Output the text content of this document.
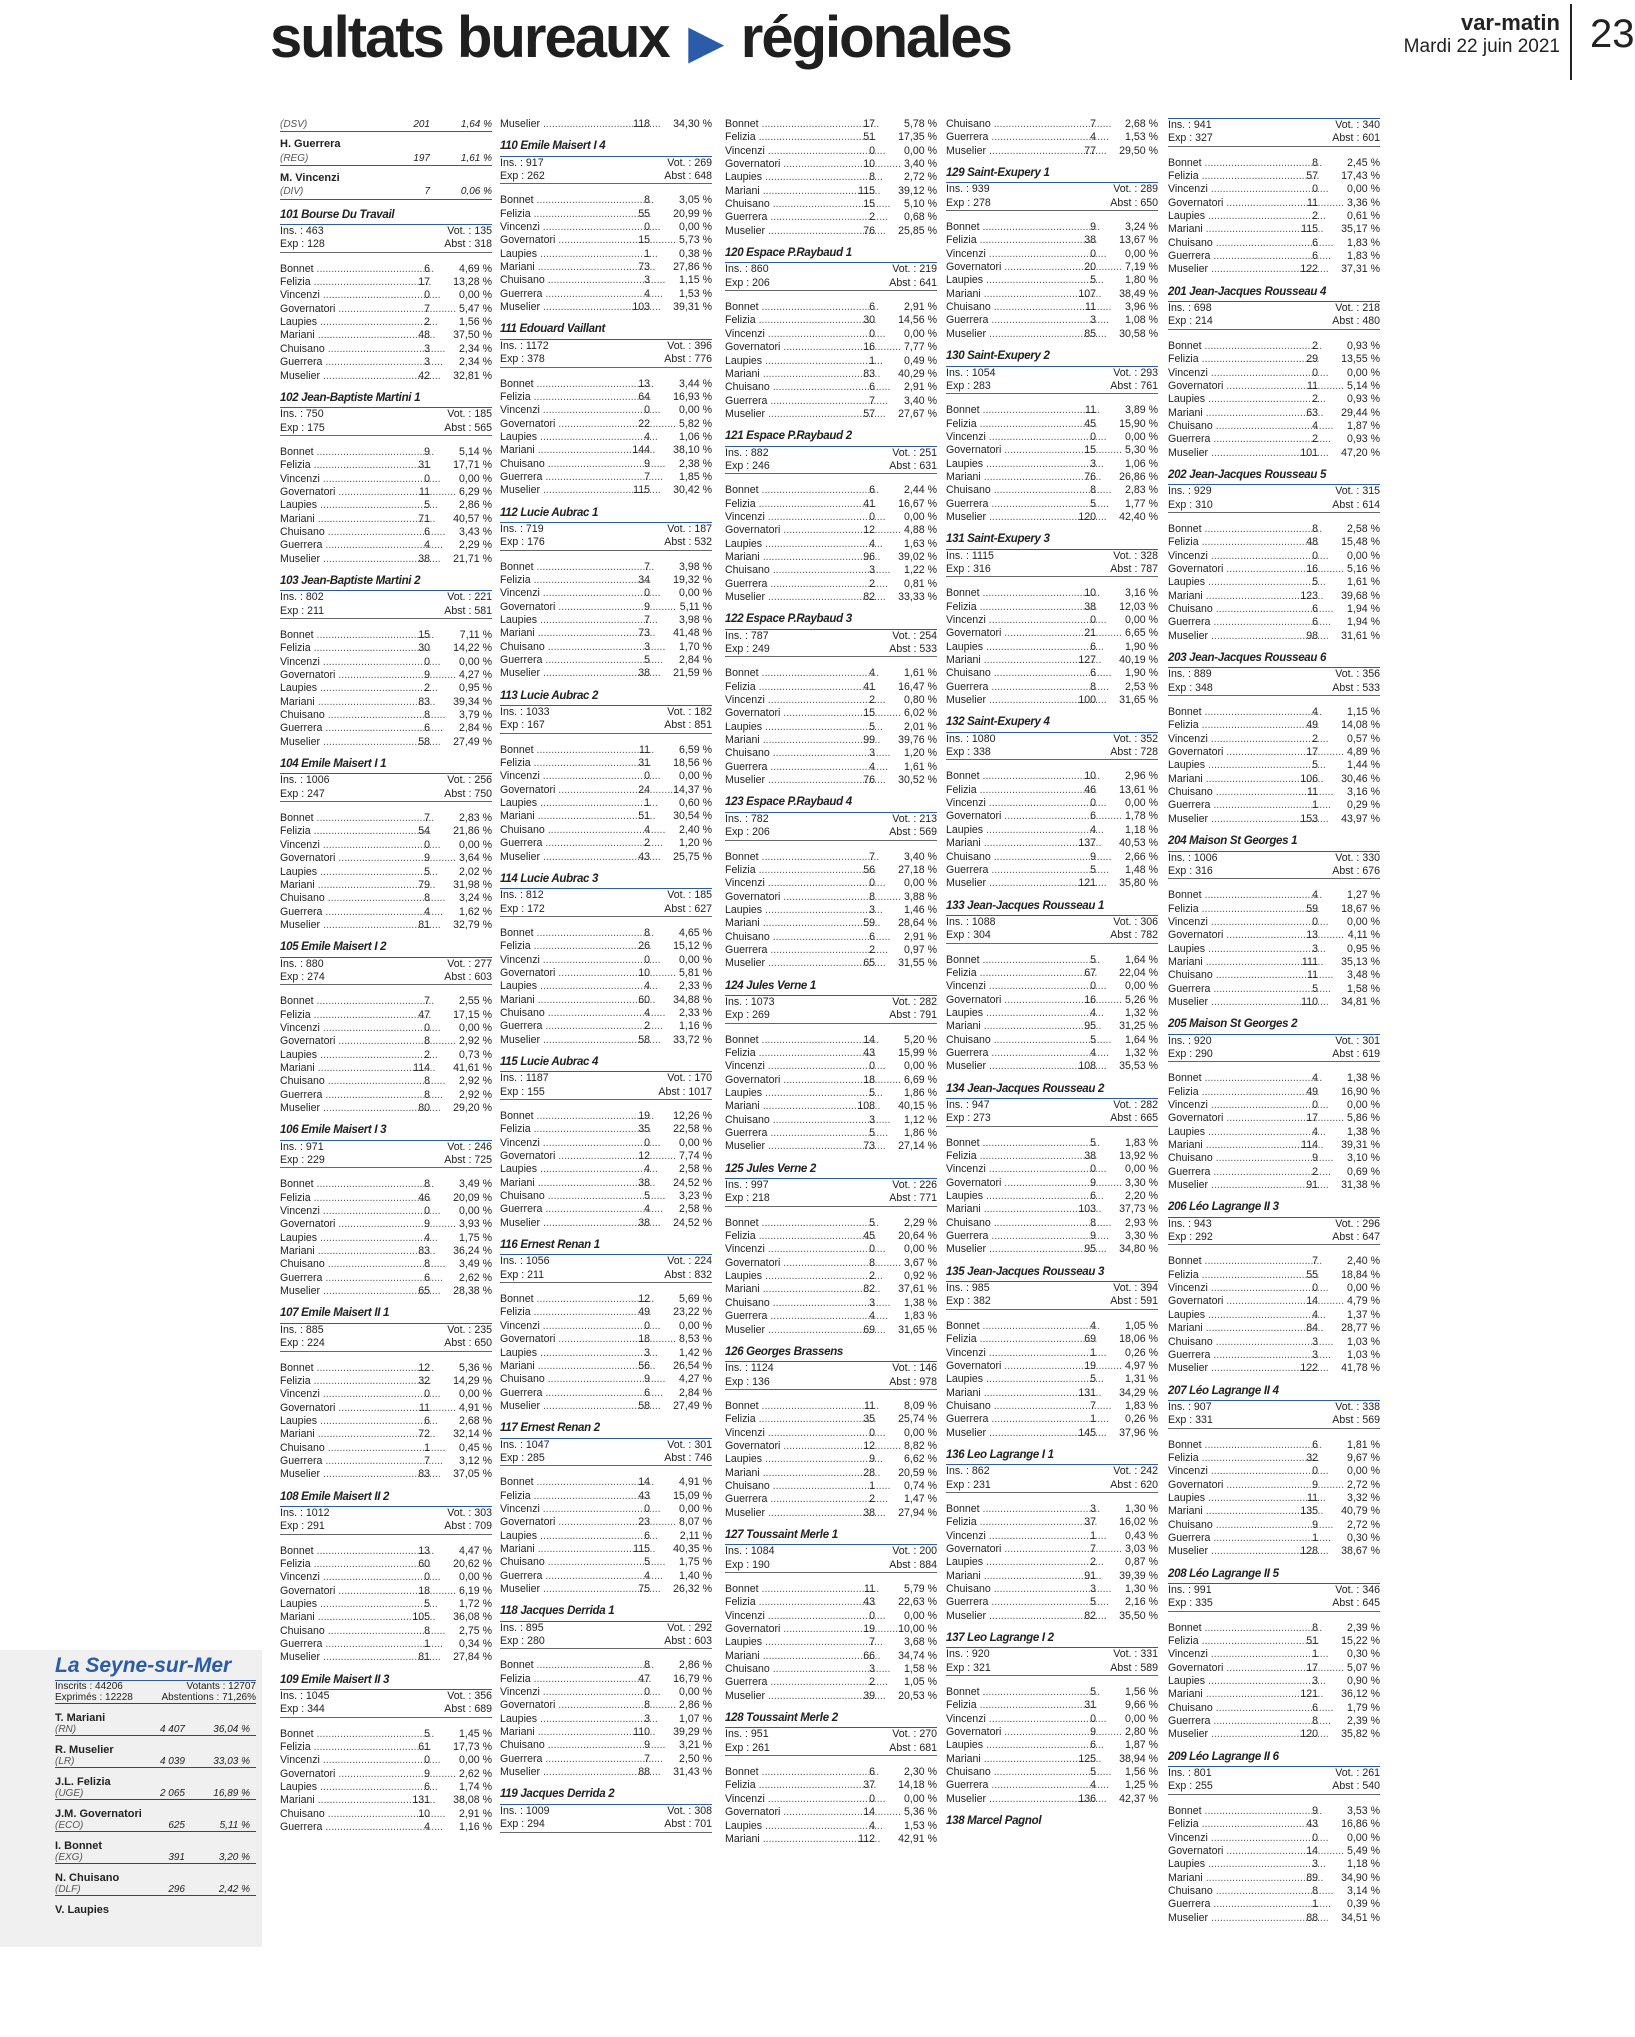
sultats bureaux ▶ régionales	var-matin
Mardi 22 juin 2021 23
(DSV)	201	1,64 %
H. Guerrera
(REG)	197	1,61 %
M. Vincenzi
(DIV)	7	0,06 %
101 Bourse Du Travail
Ins. : 463	Vot. : 135
Exp : 128	Abst : 318
Bonnet .....	6	4,69 %
Felizia .....	17	13,28 %
Vincenzi .....	0	0,00 %
Governatori .....	7	5,47 %
Laupies .....	2	1,56 %
Mariani .....	48	37,50 %
Chuisano .....	3	2,34 %
Guerrera .....	3	2,34 %
Muselier .....	42	32,81 %
102 Jean-Baptiste Martini 1
Ins. : 750	Vot. : 185
Exp : 175	Abst : 565
Bonnet .....	9	5,14 %
Felizia .....	31	17,71 %
Vincenzi .....	0	0,00 %
Governatori .....	11	6,29 %
Laupies .....	5	2,86 %
Mariani .....	71	40,57 %
Chuisano .....	6	3,43 %
Guerrera .....	4	2,29 %
Muselier .....	38	21,71 %
103 Jean-Baptiste Martini 2
Ins. : 802	Vot. : 221
Exp : 211	Abst : 581
Bonnet .....	15	7,11 %
Felizia .....	30	14,22 %
Vincenzi .....	0	0,00 %
Governatori .....	9	4,27 %
Laupies .....	2	0,95 %
Mariani .....	83	39,34 %
Chuisano .....	8	3,79 %
Guerrera .....	6	2,84 %
Muselier .....	58	27,49 %
104 Emile Maisert I 1
Ins. : 1006	Vot. : 256
Exp : 247	Abst : 750
Bonnet .....	7	2,83 %
Felizia .....	54	21,86 %
Vincenzi .....	0	0,00 %
Governatori .....	9	3,64 %
Laupies .....	5	2,02 %
Mariani .....	79	31,98 %
Chuisano .....	8	3,24 %
Guerrera .....	4	1,62 %
Muselier .....	81	32,79 %
105 Emile Maisert I 2
Ins. : 880	Vot. : 277
Exp : 274	Abst : 603
Bonnet .....	7	2,55 %
Felizia .....	47	17,15 %
Vincenzi .....	0	0,00 %
Governatori .....	8	2,92 %
Laupies .....	2	0,73 %
Mariani .....	114	41,61 %
Chuisano .....	8	2,92 %
Guerrera .....	8	2,92 %
Muselier .....	80	29,20 %
106 Emile Maisert I 3
Ins. : 971	Vot. : 246
Exp : 229	Abst : 725
Bonnet .....	8	3,49 %
Felizia .....	46	20,09 %
Vincenzi .....	0	0,00 %
Governatori .....	9	3,93 %
Laupies .....	4	1,75 %
Mariani .....	83	36,24 %
Chuisano .....	8	3,49 %
Guerrera .....	6	2,62 %
Muselier .....	65	28,38 %
107 Emile Maisert II 1
Ins. : 885	Vot. : 235
Exp : 224	Abst : 650
Bonnet .....	12	5,36 %
Felizia .....	32	14,29 %
Vincenzi .....	0	0,00 %
Governatori .....	11	4,91 %
Laupies .....	6	2,68 %
Mariani .....	72	32,14 %
Chuisano .....	1	0,45 %
Guerrera .....	7	3,12 %
Muselier .....	83	37,05 %
108 Emile Maisert II 2
Ins. : 1012	Vot. : 303
Exp : 291	Abst : 709
Bonnet .....	13	4,47 %
Felizia .....	60	20,62 %
Vincenzi .....	0	0,00 %
Governatori .....	18	6,19 %
Laupies .....	5	1,72 %
Mariani .....	105	36,08 %
Chuisano .....	8	2,75 %
Guerrera .....	1	0,34 %
Muselier .....	81	27,84 %
109 Emile Maisert II 3
Ins. : 1045	Vot. : 356
Exp : 344	Abst : 689
Bonnet .....	5	1,45 %
Felizia .....	61	17,73 %
Vincenzi .....	0	0,00 %
Governatori .....	9	2,62 %
Laupies .....	6	1,74 %
Mariani .....	131	38,08 %
Chuisano .....	10	2,91 %
Guerrera .....	4	1,16 %
Muselier .....	118	34,30 %
110 Emile Maisert I 4
Ins. : 917	Vot. : 269
Exp : 262	Abst : 648
Bonnet .....	8	3,05 %
Felizia .....	55	20,99 %
Vincenzi .....	0	0,00 %
Governatori .....	15	5,73 %
Laupies .....	1	0,38 %
Mariani .....	73	27,86 %
Chuisano .....	3	1,15 %
Guerrera .....	4	1,53 %
Muselier .....	103	39,31 %
111 Edouard Vaillant
Ins. : 1172	Vot. : 396
Exp : 378	Abst : 776
Bonnet .....	13	3,44 %
Felizia .....	64	16,93 %
Vincenzi .....	0	0,00 %
Governatori .....	22	5,82 %
Laupies .....	4	1,06 %
Mariani .....	144	38,10 %
Chuisano .....	9	2,38 %
Guerrera .....	7	1,85 %
Muselier .....	115	30,42 %
112 Lucie Aubrac 1
Ins. : 719	Vot. : 187
Exp : 176	Abst : 532
Bonnet .....	7	3,98 %
Felizia .....	34	19,32 %
Vincenzi .....	0	0,00 %
Governatori .....	9	5,11 %
Laupies .....	7	3,98 %
Mariani .....	73	41,48 %
Chuisano .....	3	1,70 %
Guerrera .....	5	2,84 %
Muselier .....	38	21,59 %
113 Lucie Aubrac 2
Ins. : 1033	Vot. : 182
Exp : 167	Abst : 851
Bonnet .....	11	6,59 %
Felizia .....	31	18,56 %
Vincenzi .....	0	0,00 %
Governatori .....	24	14,37 %
Laupies .....	1	0,60 %
Mariani .....	51	30,54 %
Chuisano .....	4	2,40 %
Guerrera .....	2	1,20 %
Muselier .....	43	25,75 %
114 Lucie Aubrac 3
Ins. : 812	Vot. : 185
Exp : 172	Abst : 627
Bonnet .....	8	4,65 %
Felizia .....	26	15,12 %
Vincenzi .....	0	0,00 %
Governatori .....	10	5,81 %
Laupies .....	4	2,33 %
Mariani .....	60	34,88 %
Chuisano .....	4	2,33 %
Guerrera .....	2	1,16 %
Muselier .....	58	33,72 %
115 Lucie Aubrac 4
Ins. : 1187	Vot. : 170
Exp : 155	Abst : 1017
Bonnet .....	19	12,26 %
Felizia .....	35	22,58 %
Vincenzi .....	0	0,00 %
Governatori .....	12	7,74 %
Laupies .....	4	2,58 %
Mariani .....	38	24,52 %
Chuisano .....	5	3,23 %
Guerrera .....	4	2,58 %
Muselier .....	38	24,52 %
116 Ernest Renan 1
Ins. : 1056	Vot. : 224
Exp : 211	Abst : 832
Bonnet .....	12	5,69 %
Felizia .....	49	23,22 %
Vincenzi .....	0	0,00 %
Governatori .....	18	8,53 %
Laupies .....	3	1,42 %
Mariani .....	56	26,54 %
Chuisano .....	9	4,27 %
Guerrera .....	6	2,84 %
Muselier .....	58	27,49 %
117 Ernest Renan 2
Ins. : 1047	Vot. : 301
Exp : 285	Abst : 746
Bonnet .....	14	4,91 %
Felizia .....	43	15,09 %
Vincenzi .....	0	0,00 %
Governatori .....	23	8,07 %
Laupies .....	6	2,11 %
Mariani .....	115	40,35 %
Chuisano .....	5	1,75 %
Guerrera .....	4	1,40 %
Muselier .....	75	26,32 %
118 Jacques Derrida 1
Ins. : 895	Vot. : 292
Exp : 280	Abst : 603
Bonnet .....	8	2,86 %
Felizia .....	47	16,79 %
Vincenzi .....	0	0,00 %
Governatori .....	8	2,86 %
Laupies .....	3	1,07 %
Mariani .....	110	39,29 %
Chuisano .....	9	3,21 %
Guerrera .....	7	2,50 %
Muselier .....	88	31,43 %
119 Jacques Derrida 2
Ins. : 1009	Vot. : 308
Exp : 294	Abst : 701
Bonnet .....	17	5,78 %
Felizia .....	51	17,35 %
Vincenzi .....	0	0,00 %
Governatori .....	10	3,40 %
Laupies .....	8	2,72 %
Mariani .....	115	39,12 %
Chuisano .....	15	5,10 %
Guerrera .....	2	0,68 %
Muselier .....	76	25,85 %
120 Espace P.Raybaud 1
Ins. : 860	Vot. : 219
Exp : 206	Abst : 641
Bonnet .....	6	2,91 %
Felizia .....	30	14,56 %
Vincenzi .....	0	0,00 %
Governatori .....	16	7,77 %
Laupies .....	1	0,49 %
Mariani .....	83	40,29 %
Chuisano .....	6	2,91 %
Guerrera .....	7	3,40 %
Muselier .....	57	27,67 %
121 Espace P.Raybaud 2
Ins. : 882	Vot. : 251
Exp : 246	Abst : 631
Bonnet .....	6	2,44 %
Felizia .....	41	16,67 %
Vincenzi .....	0	0,00 %
Governatori .....	12	4,88 %
Laupies .....	4	1,63 %
Mariani .....	96	39,02 %
Chuisano .....	3	1,22 %
Guerrera .....	2	0,81 %
Muselier .....	82	33,33 %
122 Espace P.Raybaud 3
Ins. : 787	Vot. : 254
Exp : 249	Abst : 533
Bonnet .....	4	1,61 %
Felizia .....	41	16,47 %
Vincenzi .....	2	0,80 %
Governatori .....	15	6,02 %
Laupies .....	5	2,01 %
Mariani .....	99	39,76 %
Chuisano .....	3	1,20 %
Guerrera .....	4	1,61 %
Muselier .....	76	30,52 %
123 Espace P.Raybaud 4
Ins. : 782	Vot. : 213
Exp : 206	Abst : 569
Bonnet .....	7	3,40 %
Felizia .....	56	27,18 %
Vincenzi .....	0	0,00 %
Governatori .....	8	3,88 %
Laupies .....	3	1,46 %
Mariani .....	59	28,64 %
Chuisano .....	6	2,91 %
Guerrera .....	2	0,97 %
Muselier .....	65	31,55 %
124 Jules Verne 1
Ins. : 1073	Vot. : 282
Exp : 269	Abst : 791
Bonnet .....	14	5,20 %
Felizia .....	43	15,99 %
Vincenzi .....	0	0,00 %
Governatori .....	18	6,69 %
Laupies .....	5	1,86 %
Mariani .....	108	40,15 %
Chuisano .....	3	1,12 %
Guerrera .....	5	1,86 %
Muselier .....	73	27,14 %
125 Jules Verne 2
Ins. : 997	Vot. : 226
Exp : 218	Abst : 771
Bonnet .....	5	2,29 %
Felizia .....	45	20,64 %
Vincenzi .....	0	0,00 %
Governatori .....	8	3,67 %
Laupies .....	2	0,92 %
Mariani .....	82	37,61 %
Chuisano .....	3	1,38 %
Guerrera .....	4	1,83 %
Muselier .....	69	31,65 %
126 Georges Brassens
Ins. : 1124	Vot. : 146
Exp : 136	Abst : 978
Bonnet .....	11	8,09 %
Felizia .....	35	25,74 %
Vincenzi .....	0	0,00 %
Governatori .....	12	8,82 %
Laupies .....	9	6,62 %
Mariani .....	28	20,59 %
Chuisano .....	1	0,74 %
Guerrera .....	2	1,47 %
Muselier .....	38	27,94 %
127 Toussaint Merle 1
Ins. : 1084	Vot. : 200
Exp : 190	Abst : 884
Bonnet .....	11	5,79 %
Felizia .....	43	22,63 %
Vincenzi .....	0	0,00 %
Governatori .....	19	10,00 %
Laupies .....	7	3,68 %
Mariani .....	66	34,74 %
Chuisano .....	3	1,58 %
Guerrera .....	2	1,05 %
Muselier .....	39	20,53 %
128 Toussaint Merle 2
Ins. : 951	Vot. : 270
Exp : 261	Abst : 681
Bonnet .....	6	2,30 %
Felizia .....	37	14,18 %
Vincenzi .....	0	0,00 %
Governatori .....	14	5,36 %
Laupies .....	4	1,53 %
Mariani .....	112	42,91 %
Chuisano .....	7	2,68 %
Guerrera .....	4	1,53 %
Muselier .....	77	29,50 %
129 Saint-Exupery 1
Ins. : 939	Vot. : 289
Exp : 278	Abst : 650
Bonnet .....	9	3,24 %
Felizia .....	38	13,67 %
Vincenzi .....	0	0,00 %
Governatori .....	20	7,19 %
Laupies .....	5	1,80 %
Mariani .....	107	38,49 %
Chuisano .....	11	3,96 %
Guerrera .....	3	1,08 %
Muselier .....	85	30,58 %
130 Saint-Exupery 2
Ins. : 1054	Vot. : 293
Exp : 283	Abst : 761
Bonnet .....	11	3,89 %
Felizia .....	45	15,90 %
Vincenzi .....	0	0,00 %
Governatori .....	15	5,30 %
Laupies .....	3	1,06 %
Mariani .....	76	26,86 %
Chuisano .....	8	2,83 %
Guerrera .....	5	1,77 %
Muselier .....	120	42,40 %
131 Saint-Exupery 3
Ins. : 1115	Vot. : 328
Exp : 316	Abst : 787
Bonnet .....	10	3,16 %
Felizia .....	38	12,03 %
Vincenzi .....	0	0,00 %
Governatori .....	21	6,65 %
Laupies .....	6	1,90 %
Mariani .....	127	40,19 %
Chuisano .....	6	1,90 %
Guerrera .....	8	2,53 %
Muselier .....	100	31,65 %
132 Saint-Exupery 4
Ins. : 1080	Vot. : 352
Exp : 338	Abst : 728
Bonnet .....	10	2,96 %
Felizia .....	46	13,61 %
Vincenzi .....	0	0,00 %
Governatori .....	6	1,78 %
Laupies .....	4	1,18 %
Mariani .....	137	40,53 %
Chuisano .....	9	2,66 %
Guerrera .....	5	1,48 %
Muselier .....	121	35,80 %
133 Jean-Jacques Rousseau 1
Ins. : 1088	Vot. : 306
Exp : 304	Abst : 782
Bonnet .....	5	1,64 %
Felizia .....	67	22,04 %
Vincenzi .....	0	0,00 %
Governatori .....	16	5,26 %
Laupies .....	4	1,32 %
Mariani .....	95	31,25 %
Chuisano .....	5	1,64 %
Guerrera .....	4	1,32 %
Muselier .....	108	35,53 %
134 Jean-Jacques Rousseau 2
Ins. : 947	Vot. : 282
Exp : 273	Abst : 665
Bonnet .....	5	1,83 %
Felizia .....	38	13,92 %
Vincenzi .....	0	0,00 %
Governatori .....	9	3,30 %
Laupies .....	6	2,20 %
Mariani .....	103	37,73 %
Chuisano .....	8	2,93 %
Guerrera .....	9	3,30 %
Muselier .....	95	34,80 %
135 Jean-Jacques Rousseau 3
Ins. : 985	Vot. : 394
Exp : 382	Abst : 591
Bonnet .....	4	1,05 %
Felizia .....	69	18,06 %
Vincenzi .....	1	0,26 %
Governatori .....	19	4,97 %
Laupies .....	5	1,31 %
Mariani .....	131	34,29 %
Chuisano .....	7	1,83 %
Guerrera .....	1	0,26 %
Muselier .....	145	37,96 %
136 Leo Lagrange I 1
Ins. : 862	Vot. : 242
Exp : 231	Abst : 620
Bonnet .....	3	1,30 %
Felizia .....	37	16,02 %
Vincenzi .....	1	0,43 %
Governatori .....	7	3,03 %
Laupies .....	2	0,87 %
Mariani .....	91	39,39 %
Chuisano .....	3	1,30 %
Guerrera .....	5	2,16 %
Muselier .....	82	35,50 %
137 Leo Lagrange I 2
Ins. : 920	Vot. : 331
Exp : 321	Abst : 589
Bonnet .....	5	1,56 %
Felizia .....	31	9,66 %
Vincenzi .....	0	0,00 %
Governatori .....	9	2,80 %
Laupies .....	6	1,87 %
Mariani .....	125	38,94 %
Chuisano .....	5	1,56 %
Guerrera .....	4	1,25 %
Muselier .....	136	42,37 %
138 Marcel Pagnol
Ins. : 941	Vot. : 340
Exp : 327	Abst : 601
Bonnet .....	8	2,45 %
Felizia .....	57	17,43 %
Vincenzi .....	0	0,00 %
Governatori .....	11	3,36 %
Laupies .....	2	0,61 %
Mariani .....	115	35,17 %
Chuisano .....	6	1,83 %
Guerrera .....	6	1,83 %
Muselier .....	122	37,31 %
201 Jean-Jacques Rousseau 4
Ins. : 698	Vot. : 218
Exp : 214	Abst : 480
Bonnet .....	2	0,93 %
Felizia .....	29	13,55 %
Vincenzi .....	0	0,00 %
Governatori .....	11	5,14 %
Laupies .....	2	0,93 %
Mariani .....	63	29,44 %
Chuisano .....	4	1,87 %
Guerrera .....	2	0,93 %
Muselier .....	101	47,20 %
202 Jean-Jacques Rousseau 5
Ins. : 929	Vot. : 315
Exp : 310	Abst : 614
Bonnet .....	8	2,58 %
Felizia .....	48	15,48 %
Vincenzi .....	0	0,00 %
Governatori .....	16	5,16 %
Laupies .....	5	1,61 %
Mariani .....	123	39,68 %
Chuisano .....	6	1,94 %
Guerrera .....	6	1,94 %
Muselier .....	98	31,61 %
203 Jean-Jacques Rousseau 6
Ins. : 889	Vot. : 356
Exp : 348	Abst : 533
Bonnet .....	4	1,15 %
Felizia .....	49	14,08 %
Vincenzi .....	2	0,57 %
Governatori .....	17	4,89 %
Laupies .....	5	1,44 %
Mariani .....	106	30,46 %
Chuisano .....	11	3,16 %
Guerrera .....	1	0,29 %
Muselier .....	153	43,97 %
204 Maison St Georges 1
Ins. : 1006	Vot. : 330
Exp : 316	Abst : 676
Bonnet .....	4	1,27 %
Felizia .....	59	18,67 %
Vincenzi .....	0	0,00 %
Governatori .....	13	4,11 %
Laupies .....	3	0,95 %
Mariani .....	111	35,13 %
Chuisano .....	11	3,48 %
Guerrera .....	5	1,58 %
Muselier .....	110	34,81 %
205 Maison St Georges 2
Ins. : 920	Vot. : 301
Exp : 290	Abst : 619
Bonnet .....	4	1,38 %
Felizia .....	49	16,90 %
Vincenzi .....	0	0,00 %
Governatori .....	17	5,86 %
Laupies .....	4	1,38 %
Mariani .....	114	39,31 %
Chuisano .....	9	3,10 %
Guerrera .....	2	0,69 %
Muselier .....	91	31,38 %
206 Léo Lagrange II 3
Ins. : 943	Vot. : 296
Exp : 292	Abst : 647
Bonnet .....	7	2,40 %
Felizia .....	55	18,84 %
Vincenzi .....	0	0,00 %
Governatori .....	14	4,79 %
Laupies .....	4	1,37 %
Mariani .....	84	28,77 %
Chuisano .....	3	1,03 %
Guerrera .....	3	1,03 %
Muselier .....	122	41,78 %
207 Léo Lagrange II 4
Ins. : 907	Vot. : 338
Exp : 331	Abst : 569
Bonnet .....	6	1,81 %
Felizia .....	32	9,67 %
Vincenzi .....	0	0,00 %
Governatori .....	9	2,72 %
Laupies .....	11	3,32 %
Mariani .....	135	40,79 %
Chuisano .....	9	2,72 %
Guerrera .....	1	0,30 %
Muselier .....	128	38,67 %
208 Léo Lagrange II 5
Ins. : 991	Vot. : 346
Exp : 335	Abst : 645
Bonnet .....	8	2,39 %
Felizia .....	51	15,22 %
Vincenzi .....	1	0,30 %
Governatori .....	17	5,07 %
Laupies .....	3	0,90 %
Mariani .....	121	36,12 %
Chuisano .....	6	1,79 %
Guerrera .....	8	2,39 %
Muselier .....	120	35,82 %
209 Léo Lagrange II 6
Ins. : 801	Vot. : 261
Exp : 255	Abst : 540
Bonnet .....	9	3,53 %
Felizia .....	43	16,86 %
Vincenzi .....	0	0,00 %
Governatori .....	14	5,49 %
Laupies .....	3	1,18 %
Mariani .....	89	34,90 %
Chuisano .....	8	3,14 %
Guerrera .....	1	0,39 %
Muselier .....	88	34,51 %
La Seyne-sur-Mer
Inscrits : 44206	Votants : 12707
Exprimés : 12228	Abstentions : 71,26%
T. Mariani
(RN)	4 407	36,04 %
R. Muselier
(LR)	4 039	33,03 %
J.L. Felizia
(UGE)	2 065	16,89 %
J.M. Governatori
(ECO)	625	5,11 %
I. Bonnet
(EXG)	391	3,20 %
N. Chuisano
(DLF)	296	2,42 %
V. Laupies
